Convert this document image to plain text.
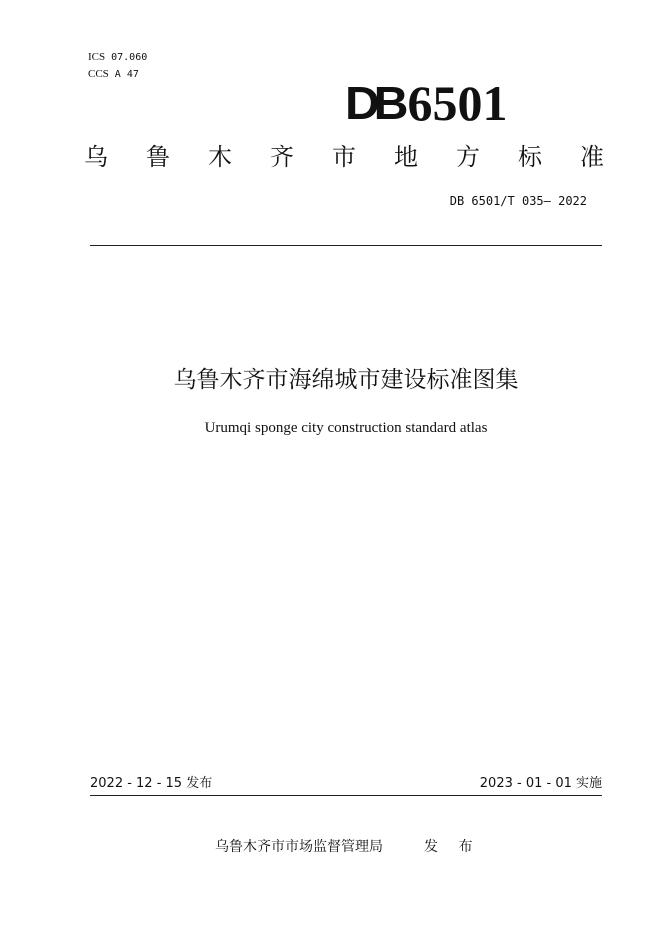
ICS 07.060
CCS A 47
DB 6501
乌 鲁 木 齐 市 地 方 标 准
DB 6501/T 035— 2022
乌鲁木齐市海绵城市建设标准图集
Urumqi sponge city construction standard atlas
2022 - 12 - 15 发布	2023 - 01 - 01 实施
乌鲁木齐市市场监督管理局	发 布
